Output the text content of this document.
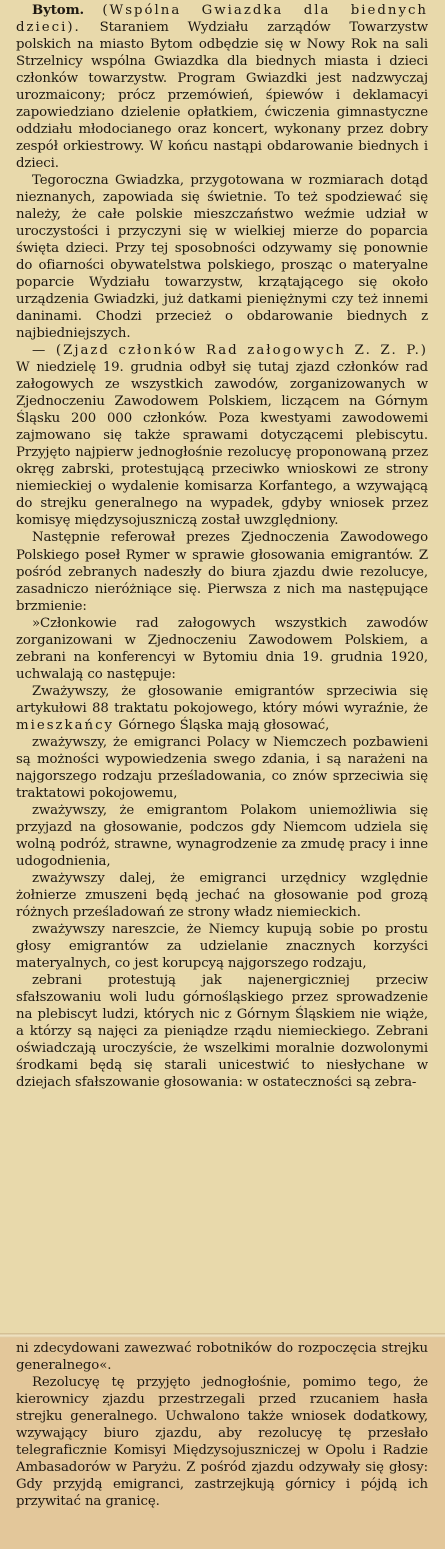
Bytom. (Wspólna Gwiazdka dla biednych dzieci). Staraniem Wydziału zarządów Towarzystw polskich na miasto Bytom odbędzie się w Nowy Rok na sali Strzelnicy wspólna Gwiazdka dla biednych miasta i dzieci członków towarzystw. Program Gwiazdki jest nadzwyczaj urozmaicony; prócz przemówień, śpiewów i deklamacyi zapowiedziano dzielenie opłatkiem, ćwiczenia gimnastyczne oddziału młodocianego oraz koncert, wykonany przez dobry zespół orkiestrowy. W końcu nastąpi obdarowanie biednych i dzieci.

Tegoroczna Gwiadzka, przygotowana w rozmiarach dotąd nieznanych, zapowiada się świetnie. To też spodziewać się należy, że całe polskie mieszczaństwo weźmie udział w uroczystości i przyczyni się w wielkiej mierze do poparcia święta dzieci. Przy tej sposobności odzywamy się ponownie do ofiarności obywatelstwa polskiego, prosząc o materyalne poparcie Wydziału towarzystw, krzątającego się około urządzenia Gwiadzki, już datkami pieniężnymi czy też innemi daninami. Chodzi przecież o obdarowanie biednych z najbiedniejszych.

— (Zjazd członków Rad załogowych Z. Z. P.) W niedzielę 19. grudnia odbył się tutaj zjazd członków rad załogowych ze wszystkich zawodów, zorganizowanych w Zjednoczeniu Zawodowem Polskiem, liczącem na Górnym Śląsku 200 000 członków. Poza kwestyami zawodowemi zajmowano się także sprawami dotyczącemi plebiscytu. Przyjęto najpierw jednogłośnie rezolucyę proponowaną przez okręg zabrski, protestującą przeciwko wnioskowi ze strony niemieckiej o wydalenie komisarza Korfantego, a wzywającą do strejku generalnego na wypadek, gdyby wniosek przez komisyę międzysojuszniczą został uwzględniony.

Następnie referował prezes Zjednoczenia Zawodowego Polskiego poseł Rymer w sprawie głosowania emigrantów. Z pośród zebranych nadeszły do biura zjazdu dwie rezolucye, zasadniczo nieróżniące się. Pierwsza z nich ma następujące brzmienie:

»Członkowie rad załogowych wszystkich zawodów zorganizowani w Zjednoczeniu Zawodowem Polskiem, a zebrani na konferencyi w Bytomiu dnia 19. grudnia 1920, uchwalają co następuje:

Zważywszy, że głosowanie emigrantów sprzeciwia się artykułowi 88 traktatu pokojowego, który mówi wyraźnie, że mieszkańcy Górnego Śląska mają głosować,

zważywszy, że emigranci Polacy w Niemczech pozbawieni są możności wypowiedzenia swego zdania, i są narażeni na najgorszego rodzaju prześladowania, co znów sprzeciwia się traktatowi pokojowemu,

zważywszy, że emigrantom Polakom uniemożliwia się przyjazd na głosowanie, podczos gdy Niemcom udziela się wolną podróż, strawne, wynagrodzenie za zmudę pracy i inne udogodnienia,

zważywszy dalej, że emigranci urzędnicy względnie żołnierze zmuszeni będą jechać na głosowanie pod grozą różnych prześladowań ze strony władz niemieckich.

zważywszy nareszcie, że Niemcy kupują sobie po prostu głosy emigrantów za udzielanie znacznych korzyści materyalnych, co jest korupcyą najgorszego rodzaju,

zebrani protestują jak najenergiczniej przeciw sfałszowaniu woli ludu górnośląskiego przez sprowadzenie na plebiscyt ludzi, których nic z Górnym Śląskiem nie wiąże, a którzy są najęci za pieniądze rządu niemieckiego. Zebrani oświadczają uroczyście, że wszelkimi moralnie dozwolonymi środkami będą się starali unicestwić to niesłychane w dziejach sfałszowanie głosowania: w ostateczności są zebra-

ni zdecydowani zawezwać robotników do rozpoczęcia strejku generalnego«.

Rezolucyę tę przyjęto jednogłośnie, pomimo tego, że kierownicy zjazdu przestrzegali przed rzucaniem hasła strejku generalnego. Uchwalono także wniosek dodatkowy, wzywający biuro zjazdu, aby rezolucyę tę przesłało telegraficznie Komisyi Międzysojuszniczej w Opolu i Radzie Ambasadorów w Paryżu. Z pośród zjazdu odzywały się głosy: Gdy przyjdą emigranci, zastrzejkują górnicy i pójdą ich przywitać na granicę.
